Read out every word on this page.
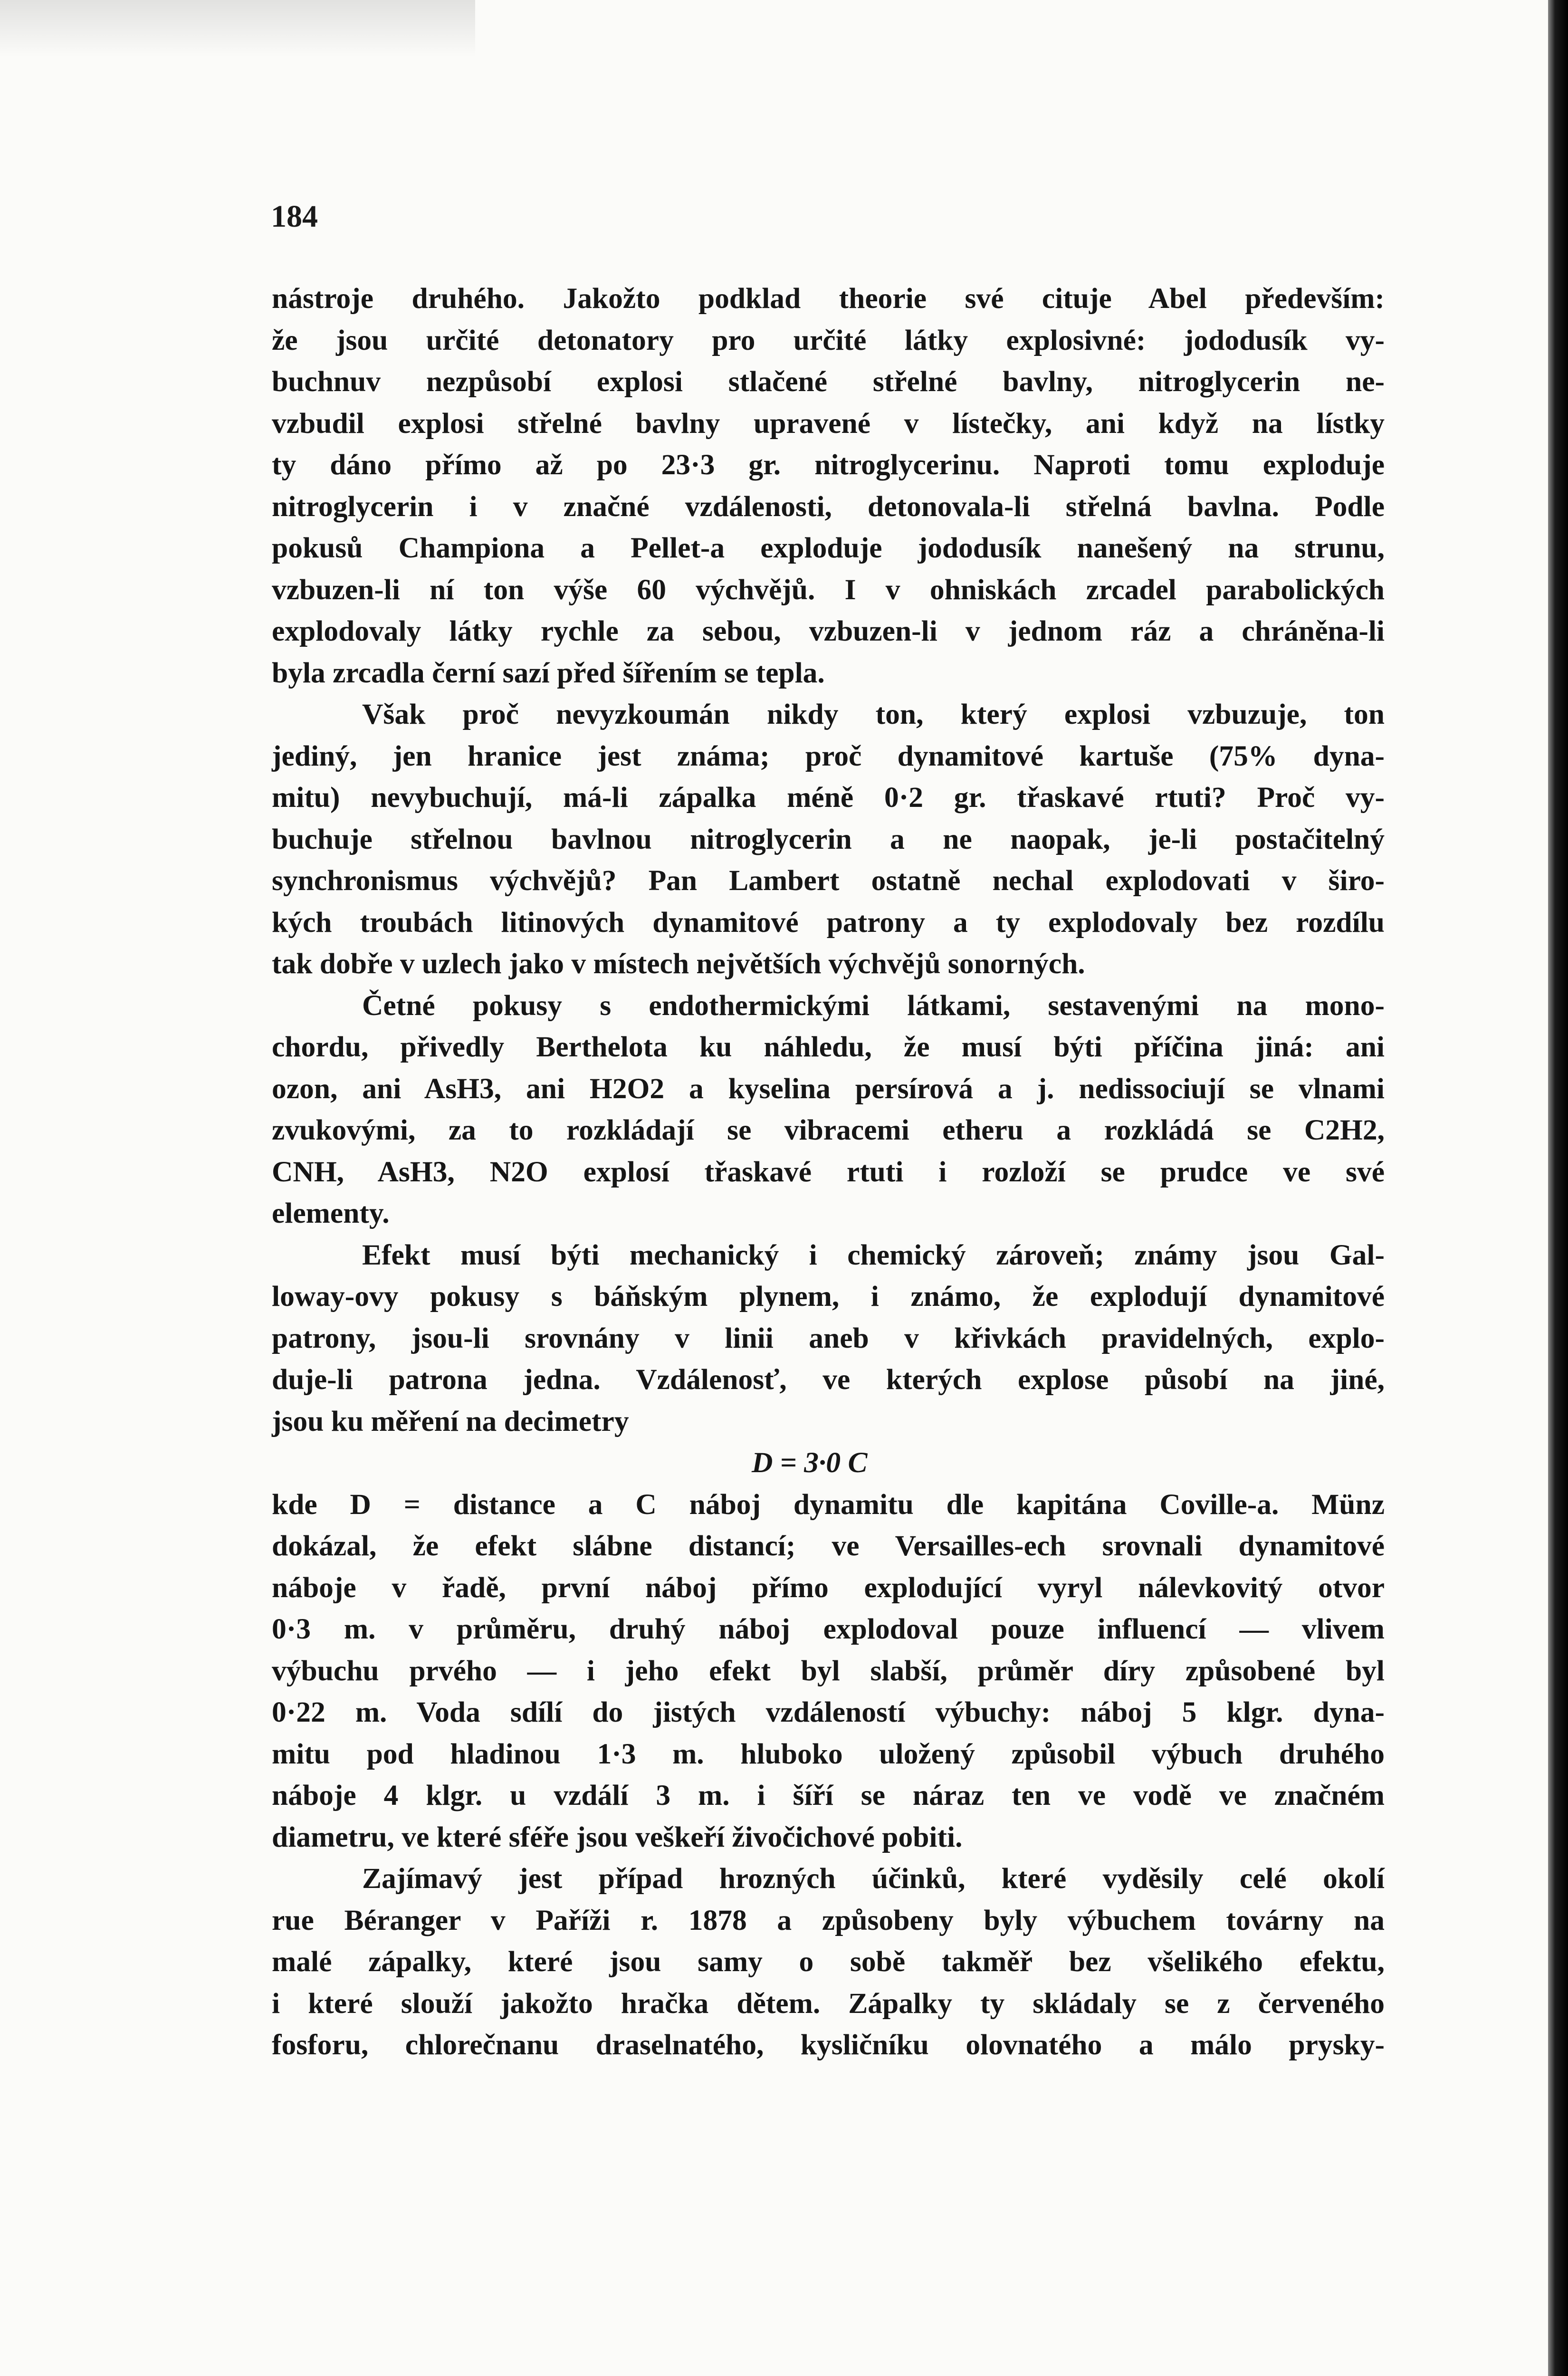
184
nástroje druhého. Jakožto podklad theorie své cituje Abel především:
že jsou určité detonatory pro určité látky explosivné: jododusík vy-
buchnuv nezpůsobí explosi stlačené střelné bavlny, nitroglycerin ne-
vzbudil explosi střelné bavlny upravené v lístečky, ani když na lístky
ty dáno přímo až po 23·3 gr. nitroglycerinu. Naproti tomu exploduje
nitroglycerin i v značné vzdálenosti, detonovala-li střelná bavlna. Podle
pokusů Championa a Pellet-a exploduje jododusík nanešený na strunu,
vzbuzen-li ní ton výše 60 výchvějů. I v ohniskách zrcadel parabolických
explodovaly látky rychle za sebou, vzbuzen-li v jednom ráz a chráněna-li
byla zrcadla černí sazí před šířením se tepla.
Však proč nevyzkoumán nikdy ton, který explosi vzbuzuje, ton
jediný, jen hranice jest známa; proč dynamitové kartuše (75% dyna-
mitu) nevybuchují, má-li zápalka méně 0·2 gr. třaskavé rtuti? Proč vy-
buchuje střelnou bavlnou nitroglycerin a ne naopak, je-li postačitelný
synchronismus výchvějů? Pan Lambert ostatně nechal explodovati v širo-
kých troubách litinových dynamitové patrony a ty explodovaly bez rozdílu
tak dobře v uzlech jako v místech největších výchvějů sonorných.
Četné pokusy s endothermickými látkami, sestavenými na mono-
chordu, přivedly Berthelota ku náhledu, že musí býti příčina jiná: ani
ozon, ani AsH3, ani H2O2 a kyselina persírová a j. nedissociují se vlnami
zvukovými, za to rozkládají se vibracemi etheru a rozkládá se C2H2,
CNH, AsH3, N2O explosí třaskavé rtuti i rozloží se prudce ve své
elementy.
Efekt musí býti mechanický i chemický zároveň; známy jsou Gal-
loway-ovy pokusy s báňským plynem, i známo, že explodují dynamitové
patrony, jsou-li srovnány v linii aneb v křivkách pravidelných, explo-
duje-li patrona jedna. Vzdálenosť, ve kterých explose působí na jiné,
jsou ku měření na decimetry
D = 3·0 C
kde D = distance a C náboj dynamitu dle kapitána Coville-a. Münz
dokázal, že efekt slábne distancí; ve Versailles-ech srovnali dynamitové
náboje v řadě, první náboj přímo explodující vyryl nálevkovitý otvor
0·3 m. v průměru, druhý náboj explodoval pouze influencí — vlivem
výbuchu prvého — i jeho efekt byl slabší, průměr díry způsobené byl
0·22 m. Voda sdílí do jistých vzdáleností výbuchy: náboj 5 klgr. dyna-
mitu pod hladinou 1·3 m. hluboko uložený způsobil výbuch druhého
náboje 4 klgr. u vzdálí 3 m. i šíří se náraz ten ve vodě ve značném
diametru, ve které sféře jsou veškeří živočichové pobiti.
Zajímavý jest případ hrozných účinků, které vyděsily celé okolí
rue Béranger v Paříži r. 1878 a způsobeny byly výbuchem továrny na
malé zápalky, které jsou samy o sobě takměř bez všelikého efektu,
i které slouží jakožto hračka dětem. Zápalky ty skládaly se z červeného
fosforu, chlorečnanu draselnatého, kysličníku olovnatého a málo prysky-
